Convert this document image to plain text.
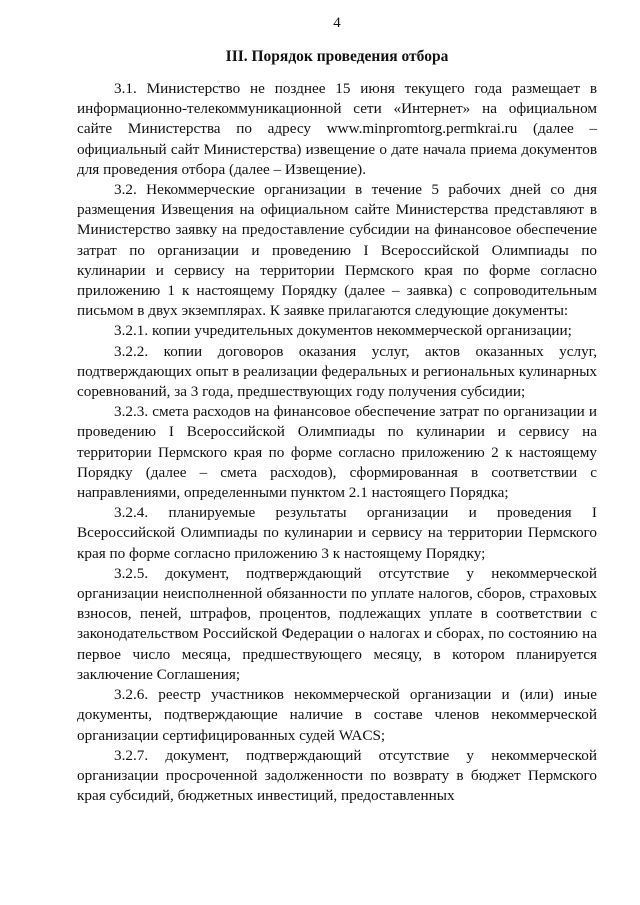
4
III. Порядок проведения отбора

3.1. Министерство не позднее 15 июня текущего года размещает в информационно-телекоммуникационной сети «Интернет» на официальном сайте Министерства по адресу www.minpromtorg.permkrai.ru (далее – официальный сайт Министерства) извещение о дате начала приема документов для проведения отбора (далее – Извещение).

3.2. Некоммерческие организации в течение 5 рабочих дней со дня размещения Извещения на официальном сайте Министерства представляют в Министерство заявку на предоставление субсидии на финансовое обеспечение затрат по организации и проведению I Всероссийской Олимпиады по кулинарии и сервису на территории Пермского края по форме согласно приложению 1 к настоящему Порядку (далее – заявка) с сопроводительным письмом в двух экземплярах. К заявке прилагаются следующие документы:

3.2.1. копии учредительных документов некоммерческой организации;

3.2.2. копии договоров оказания услуг, актов оказанных услуг, подтверждающих опыт в реализации федеральных и региональных кулинарных соревнований, за 3 года, предшествующих году получения субсидии;

3.2.3. смета расходов на финансовое обеспечение затрат по организации и проведению I Всероссийской Олимпиады по кулинарии и сервису на территории Пермского края по форме согласно приложению 2 к настоящему Порядку (далее – смета расходов), сформированная в соответствии с направлениями, определенными пунктом 2.1 настоящего Порядка;

3.2.4. планируемые результаты организации и проведения I Всероссийской Олимпиады по кулинарии и сервису на территории Пермского края по форме согласно приложению 3 к настоящему Порядку;

3.2.5. документ, подтверждающий отсутствие у некоммерческой организации неисполненной обязанности по уплате налогов, сборов, страховых взносов, пеней, штрафов, процентов, подлежащих уплате в соответствии с законодательством Российской Федерации о налогах и сборах, по состоянию на первое число месяца, предшествующего месяцу, в котором планируется заключение Соглашения;

3.2.6. реестр участников некоммерческой организации и (или) иные документы, подтверждающие наличие в составе членов некоммерческой организации сертифицированных судей WACS;

3.2.7. документ, подтверждающий отсутствие у некоммерческой организации просроченной задолженности по возврату в бюджет Пермского края субсидий, бюджетных инвестиций, предоставленных
